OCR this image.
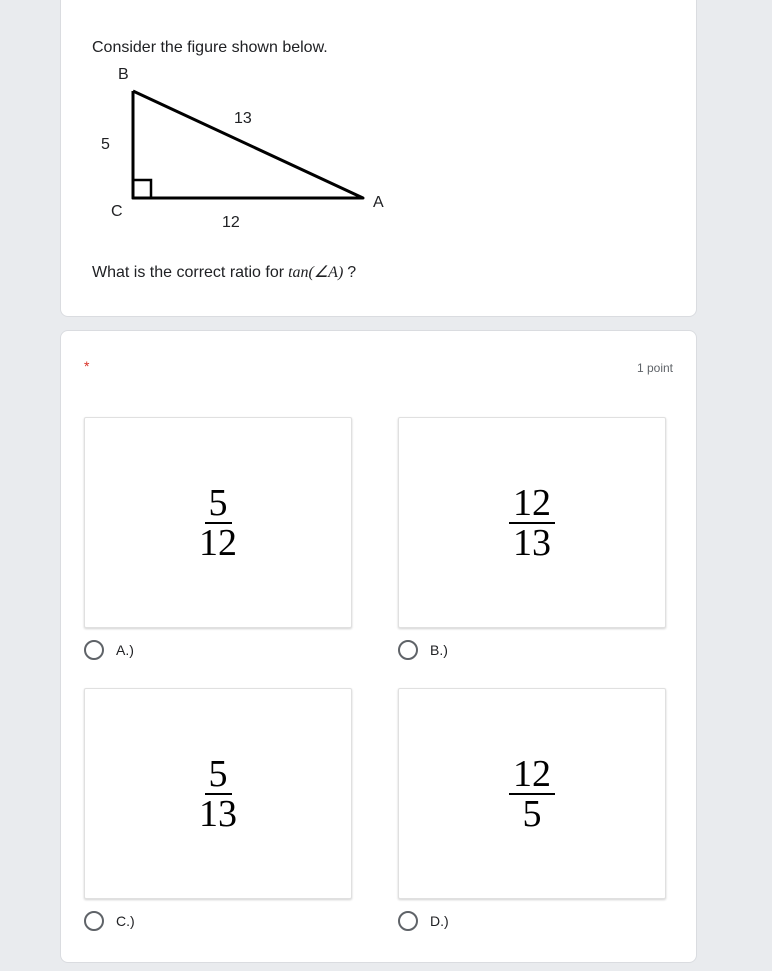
Consider the figure shown below.
B
C
A
5
13
12
What is the correct ratio for tan(∠A) ?
*	1 point
$\frac{5}{12} \frac{12}{13}$
$\frac{5}{13} \frac{12}{5}$
A.)	B.)
C.)	D.)
